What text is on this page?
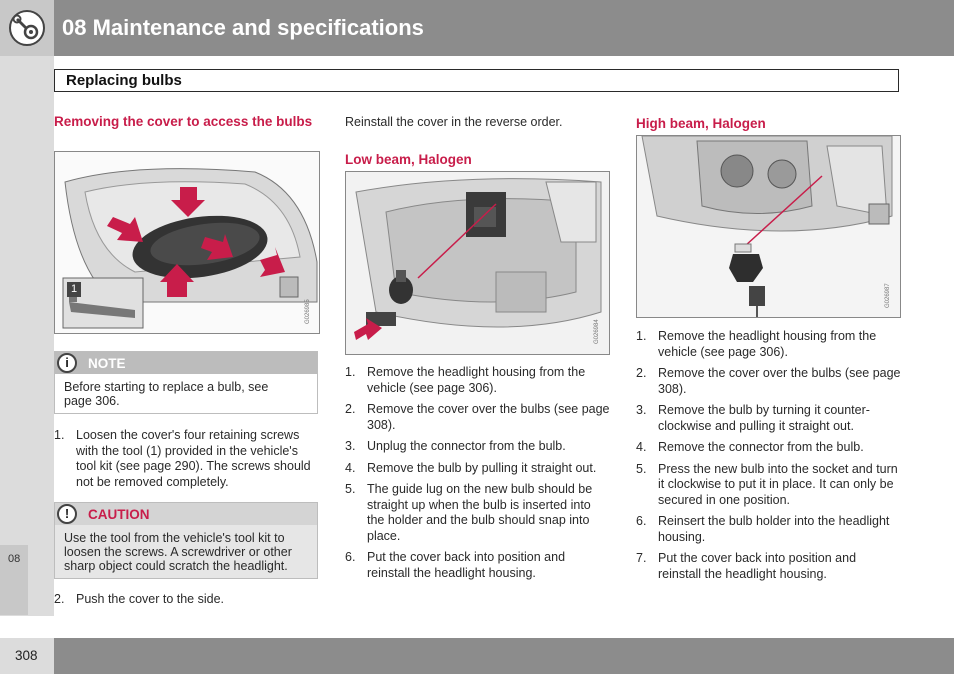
08 Maintenance and specifications
08
Replacing bulbs
Removing the cover to access the bulbs
1
G026985
i	NOTE
Before starting to replace a bulb, see page 306.
1. Loosen the cover's four retaining screws with the tool (1) provided in the vehicle's tool kit (see page 290). The screws should not be removed completely.
!	CAUTION
Use the tool from the vehicle's tool kit to loosen the screws. A screwdriver or other sharp object could scratch the headlight.
2. Push the cover to the side.
Reinstall the cover in the reverse order.
Low beam, Halogen
G026984
1. Remove the headlight housing from the vehicle (see page 306).
2. Remove the cover over the bulbs (see page 308).
3. Unplug the connector from the bulb.
4. Remove the bulb by pulling it straight out.
5. The guide lug on the new bulb should be straight up when the bulb is inserted into the holder and the bulb should snap into place.
6. Put the cover back into position and reinstall the headlight housing.
High beam, Halogen
G026987
1. Remove the headlight housing from the vehicle (see page 306).
2. Remove the cover over the bulbs (see page 308).
3. Remove the bulb by turning it counter-clockwise and pulling it straight out.
4. Remove the connector from the bulb.
5. Press the new bulb into the socket and turn it clockwise to put it in place. It can only be secured in one position.
6. Reinsert the bulb holder into the headlight housing.
7. Put the cover back into position and reinstall the headlight housing.
308
